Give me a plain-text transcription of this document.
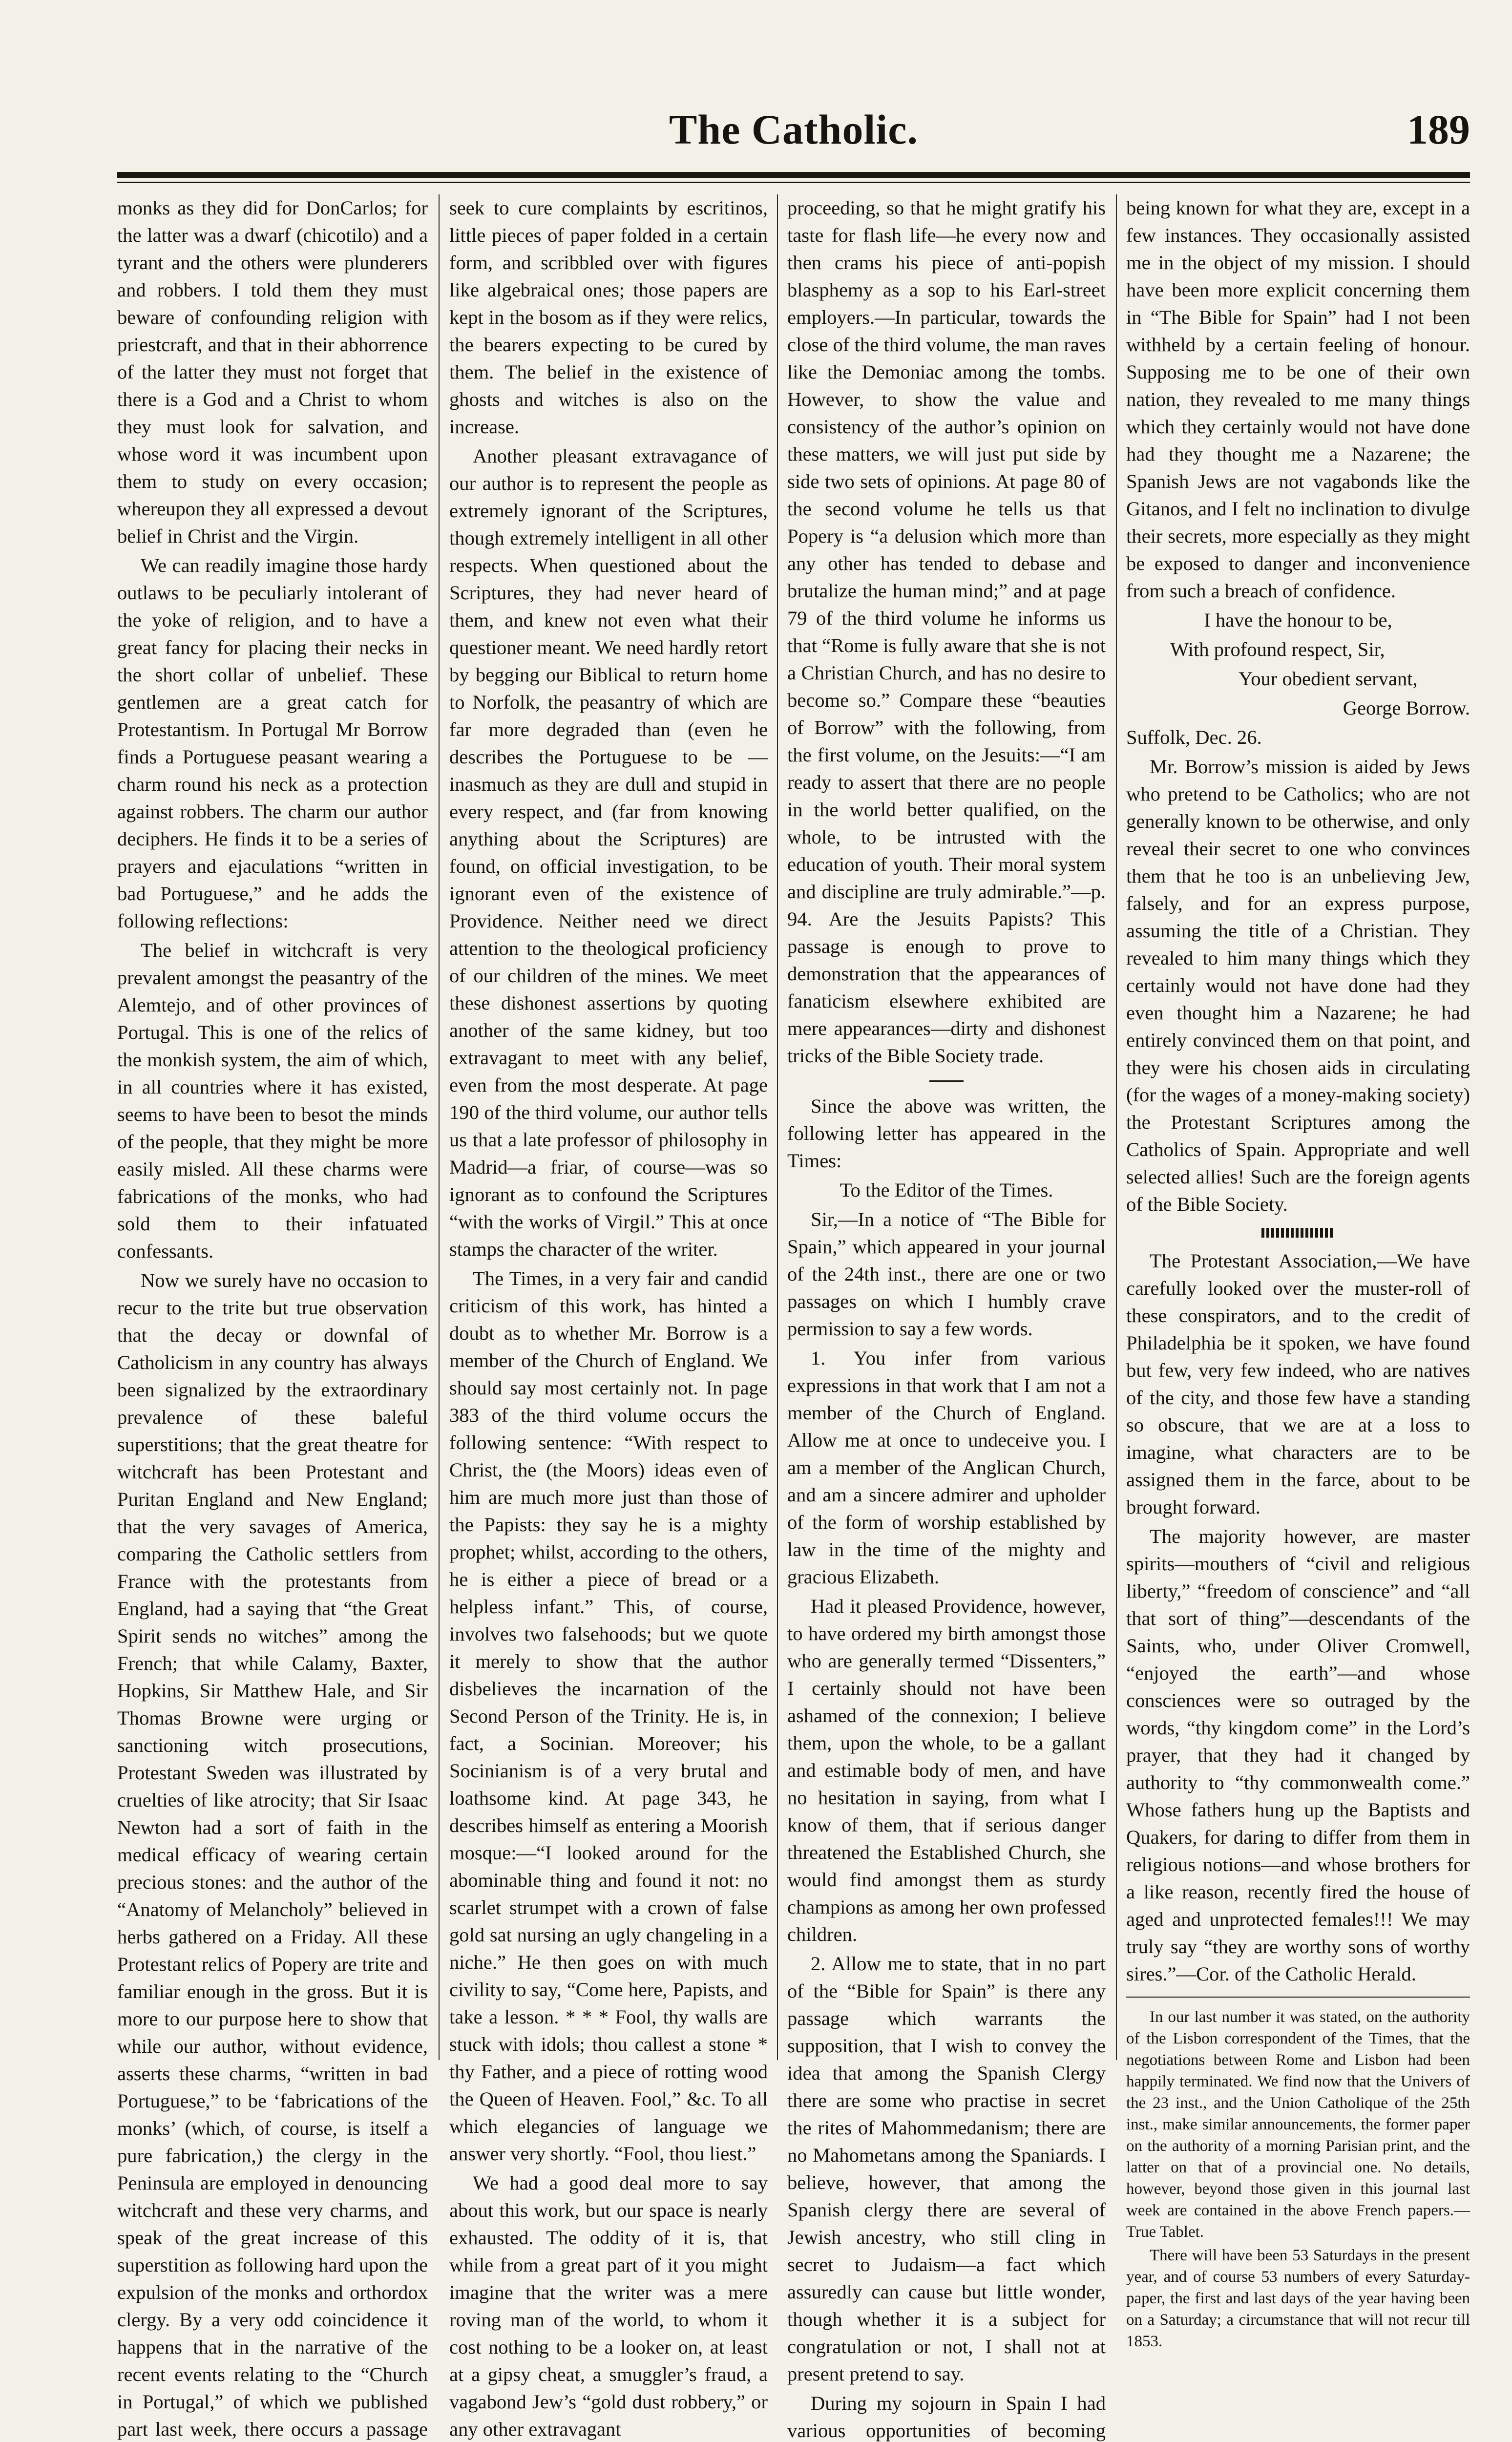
The Catholic.	189

monks as they did for DonCarlos; for the latter was a dwarf (chicotilo) and a tyrant and the others were plunderers and robbers. I told them they must beware of confounding religion with priestcraft, and that in their abhorrence of the latter they must not forget that there is a God and a Christ to whom they must look for salvation, and whose word it was incumbent upon them to study on every occasion; whereupon they all expressed a devout belief in Christ and the Virgin.

We can readily imagine those hardy outlaws to be peculiarly intolerant of the yoke of religion, and to have a great fancy for placing their necks in the short collar of unbelief. These gentlemen are a great catch for Protestantism. In Portugal Mr Borrow finds a Portuguese peasant wearing a charm round his neck as a protection against robbers. The charm our author deciphers. He finds it to be a series of prayers and ejaculations “written in bad Portuguese,” and he adds the following reflections:

The belief in witchcraft is very prevalent amongst the peasantry of the Alemtejo, and of other provinces of Portugal. This is one of the relics of the monkish system, the aim of which, in all countries where it has existed, seems to have been to besot the minds of the people, that they might be more easily misled. All these charms were fabrications of the monks, who had sold them to their infatuated confessants.

Now we surely have no occasion to recur to the trite but true observation that the decay or downfal of Catholicism in any country has always been signalized by the extraordinary prevalence of these baleful superstitions; that the great theatre for witchcraft has been Protestant and Puritan England and New England; that the very savages of America, comparing the Catholic settlers from France with the protestants from England, had a saying that “the Great Spirit sends no witches” among the French; that while Calamy, Baxter, Hopkins, Sir Matthew Hale, and Sir Thomas Browne were urging or sanctioning witch prosecutions, Protestant Sweden was illustrated by cruelties of like atrocity; that Sir Isaac Newton had a sort of faith in the medical efficacy of wearing certain precious stones: and the author of the “Anatomy of Melancholy” believed in herbs gathered on a Friday. All these Protestant relics of Popery are trite and familiar enough in the gross. But it is more to our purpose here to show that while our author, without evidence, asserts these charms, “written in bad Portuguese,” to be ‘fabrications of the monks’ (which, of course, is itself a pure fabrication,) the clergy in the Peninsula are employed in denouncing witchcraft and these very charms, and speak of the great increase of this superstition as following hard upon the expulsion of the monks and orthordox clergy. By a very odd coincidence it happens that in the narrative of the recent events relating to the “Church in Portugal,” of which we published part last week, there occurs a passage

seek to cure complaints by escritinos, little pieces of paper folded in a certain form, and scribbled over with figures like algebraical ones; those papers are kept in the bosom as if they were relics, the bearers expecting to be cured by them. The belief in the existence of ghosts and witches is also on the increase.

Another pleasant extravagance of our author is to represent the people as extremely ignorant of the Scriptures, though extremely intelligent in all other respects. When questioned about the Scriptures, they had never heard of them, and knew not even what their questioner meant. We need hardly retort by begging our Biblical to return home to Norfolk, the peasantry of which are far more degraded than (even he describes the Portuguese to be —inasmuch as they are dull and stupid in every respect, and (far from knowing anything about the Scriptures) are found, on official investigation, to be ignorant even of the existence of Providence. Neither need we direct attention to the theological proficiency of our children of the mines. We meet these dishonest assertions by quoting another of the same kidney, but too extravagant to meet with any belief, even from the most desperate. At page 190 of the third volume, our author tells us that a late professor of philosophy in Madrid—a friar, of course—was so ignorant as to confound the Scriptures “with the works of Virgil.” This at once stamps the character of the writer.

The Times, in a very fair and candid criticism of this work, has hinted a doubt as to whether Mr. Borrow is a member of the Church of England. We should say most certainly not. In page 383 of the third volume occurs the following sentence: “With respect to Christ, the (the Moors) ideas even of him are much more just than those of the Papists: they say he is a mighty prophet; whilst, according to the others, he is either a piece of bread or a helpless infant.” This, of course, involves two falsehoods; but we quote it merely to show that the author disbelieves the incarnation of the Second Person of the Trinity. He is, in fact, a Socinian. Moreover; his Socinianism is of a very brutal and loathsome kind. At page 343, he describes himself as entering a Moorish mosque:—“I looked around for the abominable thing and found it not: no scarlet strumpet with a crown of false gold sat nursing an ugly changeling in a niche.” He then goes on with much civility to say, “Come here, Papists, and take a lesson. * * * Fool, thy walls are stuck with idols; thou callest a stone * thy Father, and a piece of rotting wood the Queen of Heaven. Fool,” &c. To all which elegancies of language we answer very shortly. “Fool, thou liest.”

We had a good deal more to say about this work, but our space is nearly exhausted. The oddity of it is, that while from a great part of it you might imagine that the writer was a mere roving man of the world, to whom it cost nothing to be a looker on, at least at a gipsy cheat, a smuggler’s fraud, a vagabond Jew’s “gold dust robbery,” or any other extravagant

proceeding, so that he might gratify his taste for flash life—he every now and then crams his piece of anti-popish blasphemy as a sop to his Earl-street employers.—In particular, towards the close of the third volume, the man raves like the Demoniac among the tombs. However, to show the value and consistency of the author’s opinion on these matters, we will just put side by side two sets of opinions. At page 80 of the second volume he tells us that Popery is “a delusion which more than any other has tended to debase and brutalize the human mind;” and at page 79 of the third volume he informs us that “Rome is fully aware that she is not a Christian Church, and has no desire to become so.” Compare these “beauties of Borrow” with the following, from the first volume, on the Jesuits:—“I am ready to assert that there are no people in the world better qualified, on the whole, to be intrusted with the education of youth. Their moral system and discipline are truly admirable.”—p. 94. Are the Jesuits Papists? This passage is enough to prove to demonstration that the appearances of fanaticism elsewhere exhibited are mere appearances—dirty and dishonest tricks of the Bible Society trade.

Since the above was written, the following letter has appeared in the Times:

To the Editor of the Times.

Sir,—In a notice of “The Bible for Spain,” which appeared in your journal of the 24th inst., there are one or two passages on which I humbly crave permission to say a few words.

1. You infer from various expressions in that work that I am not a member of the Church of England. Allow me at once to undeceive you. I am a member of the Anglican Church, and am a sincere admirer and upholder of the form of worship established by law in the time of the mighty and gracious Elizabeth.

Had it pleased Providence, however, to have ordered my birth amongst those who are generally termed “Dissenters,” I certainly should not have been ashamed of the connexion; I believe them, upon the whole, to be a gallant and estimable body of men, and have no hesitation in saying, from what I know of them, that if serious danger threatened the Established Church, she would find amongst them as sturdy champions as among her own professed children.

2. Allow me to state, that in no part of the “Bible for Spain” is there any passage which warrants the supposition, that I wish to convey the idea that among the Spanish Clergy there are some who practise in secret the rites of Mahommedanism; there are no Mahometans among the Spaniards. I believe, however, that among the Spanish clergy there are several of Jewish ancestry, who still cling in secret to Judaism—a fact which assuredly can cause but little wonder, though whether it is a subject for congratulation or not, I shall not at present pretend to say.

During my sojourn in Spain I had various opportunities of becoming

being known for what they are, except in a few instances. They occasionally assisted me in the object of my mission. I should have been more explicit concerning them in “The Bible for Spain” had I not been withheld by a certain feeling of honour. Supposing me to be one of their own nation, they revealed to me many things which they certainly would not have done had they thought me a Nazarene; the Spanish Jews are not vagabonds like the Gitanos, and I felt no inclination to divulge their secrets, more especially as they might be exposed to danger and inconvenience from such a breach of confidence.

I have the honour to be,

With profound respect, Sir,

Your obedient servant,

George Borrow.

Suffolk, Dec. 26.

Mr. Borrow’s mission is aided by Jews who pretend to be Catholics; who are not generally known to be otherwise, and only reveal their secret to one who convinces them that he too is an unbelieving Jew, falsely, and for an express purpose, assuming the title of a Christian. They revealed to him many things which they certainly would not have done had they even thought him a Nazarene; he had entirely convinced them on that point, and they were his chosen aids in circulating (for the wages of a money-making society) the Protestant Scriptures among the Catholics of Spain. Appropriate and well selected allies! Such are the foreign agents of the Bible Society.

The Protestant Association,—We have carefully looked over the muster-roll of these conspirators, and to the credit of Philadelphia be it spoken, we have found but few, very few indeed, who are natives of the city, and those few have a standing so obscure, that we are at a loss to imagine, what characters are to be assigned them in the farce, about to be brought forward.

The majority however, are master spirits—mouthers of “civil and religious liberty,” “freedom of conscience” and “all that sort of thing”—descendants of the Saints, who, under Oliver Cromwell, “enjoyed the earth”—and whose consciences were so outraged by the words, “thy kingdom come” in the Lord’s prayer, that they had it changed by authority to “thy commonwealth come.” Whose fathers hung up the Baptists and Quakers, for daring to differ from them in religious notions—and whose brothers for a like reason, recently fired the house of aged and unprotected females!!! We may truly say “they are worthy sons of worthy sires.”—Cor. of the Catholic Herald.

In our last number it was stated, on the authority of the Lisbon correspondent of the Times, that the negotiations between Rome and Lisbon had been happily terminated. We find now that the Univers of the 23 inst., and the Union Catholique of the 25th inst., make similar announcements, the former paper on the authority of a morning Parisian print, and the latter on that of a provincial one. No details, however, beyond those given in this journal last week are contained in the above French papers.—True Tablet.

There will have been 53 Saturdays in the present year, and of course 53 numbers of every Saturday-paper, the first and last days of the year having been on a Saturday; a circumstance that will not recur till 1853.
